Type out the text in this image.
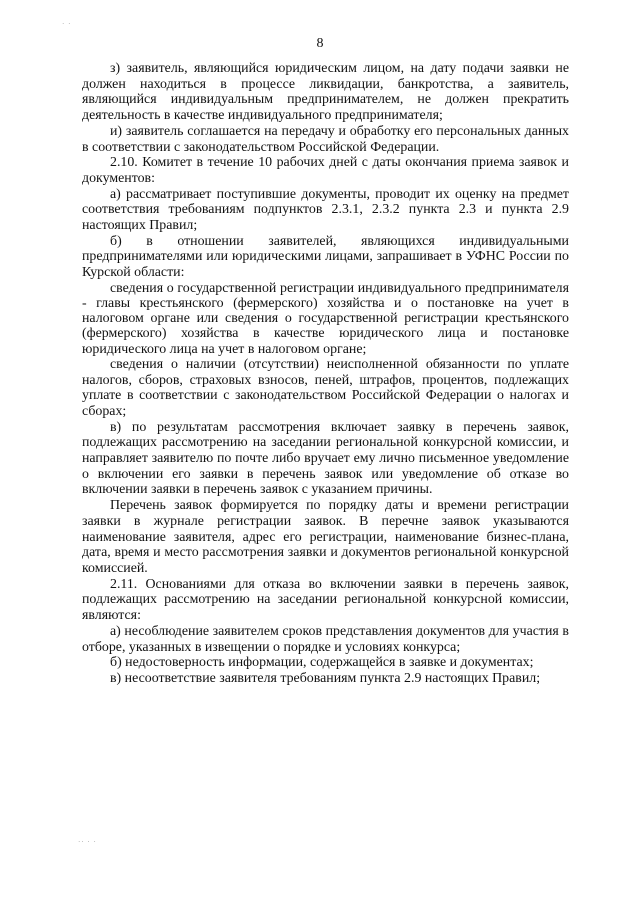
· ·
8

з) заявитель, являющийся юридическим лицом, на дату подачи заявки не должен находиться в процессе ликвидации, банкротства, а заявитель, являющийся индивидуальным предпринимателем, не должен прекратить деятельность в качестве индивидуального предпринимателя;

и) заявитель соглашается на передачу и обработку его персональных данных в соответствии с законодательством Российской Федерации.

2.10. Комитет в течение 10 рабочих дней с даты окончания приема заявок и документов:

а) рассматривает поступившие документы, проводит их оценку на предмет соответствия требованиям подпунктов 2.3.1, 2.3.2 пункта 2.3 и пункта 2.9 настоящих Правил;

б) в отношении заявителей, являющихся индивидуальными предпринимателями или юридическими лицами, запрашивает в УФНС России по Курской области:

сведения о государственной регистрации индивидуального предпринимателя - главы крестьянского (фермерского) хозяйства и о постановке на учет в налоговом органе или сведения о государственной регистрации крестьянского (фермерского) хозяйства в качестве юридического лица и постановке юридического лица на учет в налоговом органе;

сведения о наличии (отсутствии) неисполненной обязанности по уплате налогов, сборов, страховых взносов, пеней, штрафов, процентов, подлежащих уплате в соответствии с законодательством Российской Федерации о налогах и сборах;

в) по результатам рассмотрения включает заявку в перечень заявок, подлежащих рассмотрению на заседании региональной конкурсной комиссии, и направляет заявителю по почте либо вручает ему лично письменное уведомление о включении его заявки в перечень заявок или уведомление об отказе во включении заявки в перечень заявок с указанием причины.

Перечень заявок формируется по порядку даты и времени регистрации заявки в журнале регистрации заявок. В перечне заявок указываются наименование заявителя, адрес его регистрации, наименование бизнес-плана, дата, время и место рассмотрения заявки и документов региональной конкурсной комиссией.

2.11. Основаниями для отказа во включении заявки в перечень заявок, подлежащих рассмотрению на заседании региональной конкурсной комиссии, являются:

а) несоблюдение заявителем сроков представления документов для участия в отборе, указанных в извещении о порядке и условиях конкурса;

б) недостоверность информации, содержащейся в заявке и документах;

в) несоответствие заявителя требованиям пункта 2.9 настоящих Правил;

·· · ·
